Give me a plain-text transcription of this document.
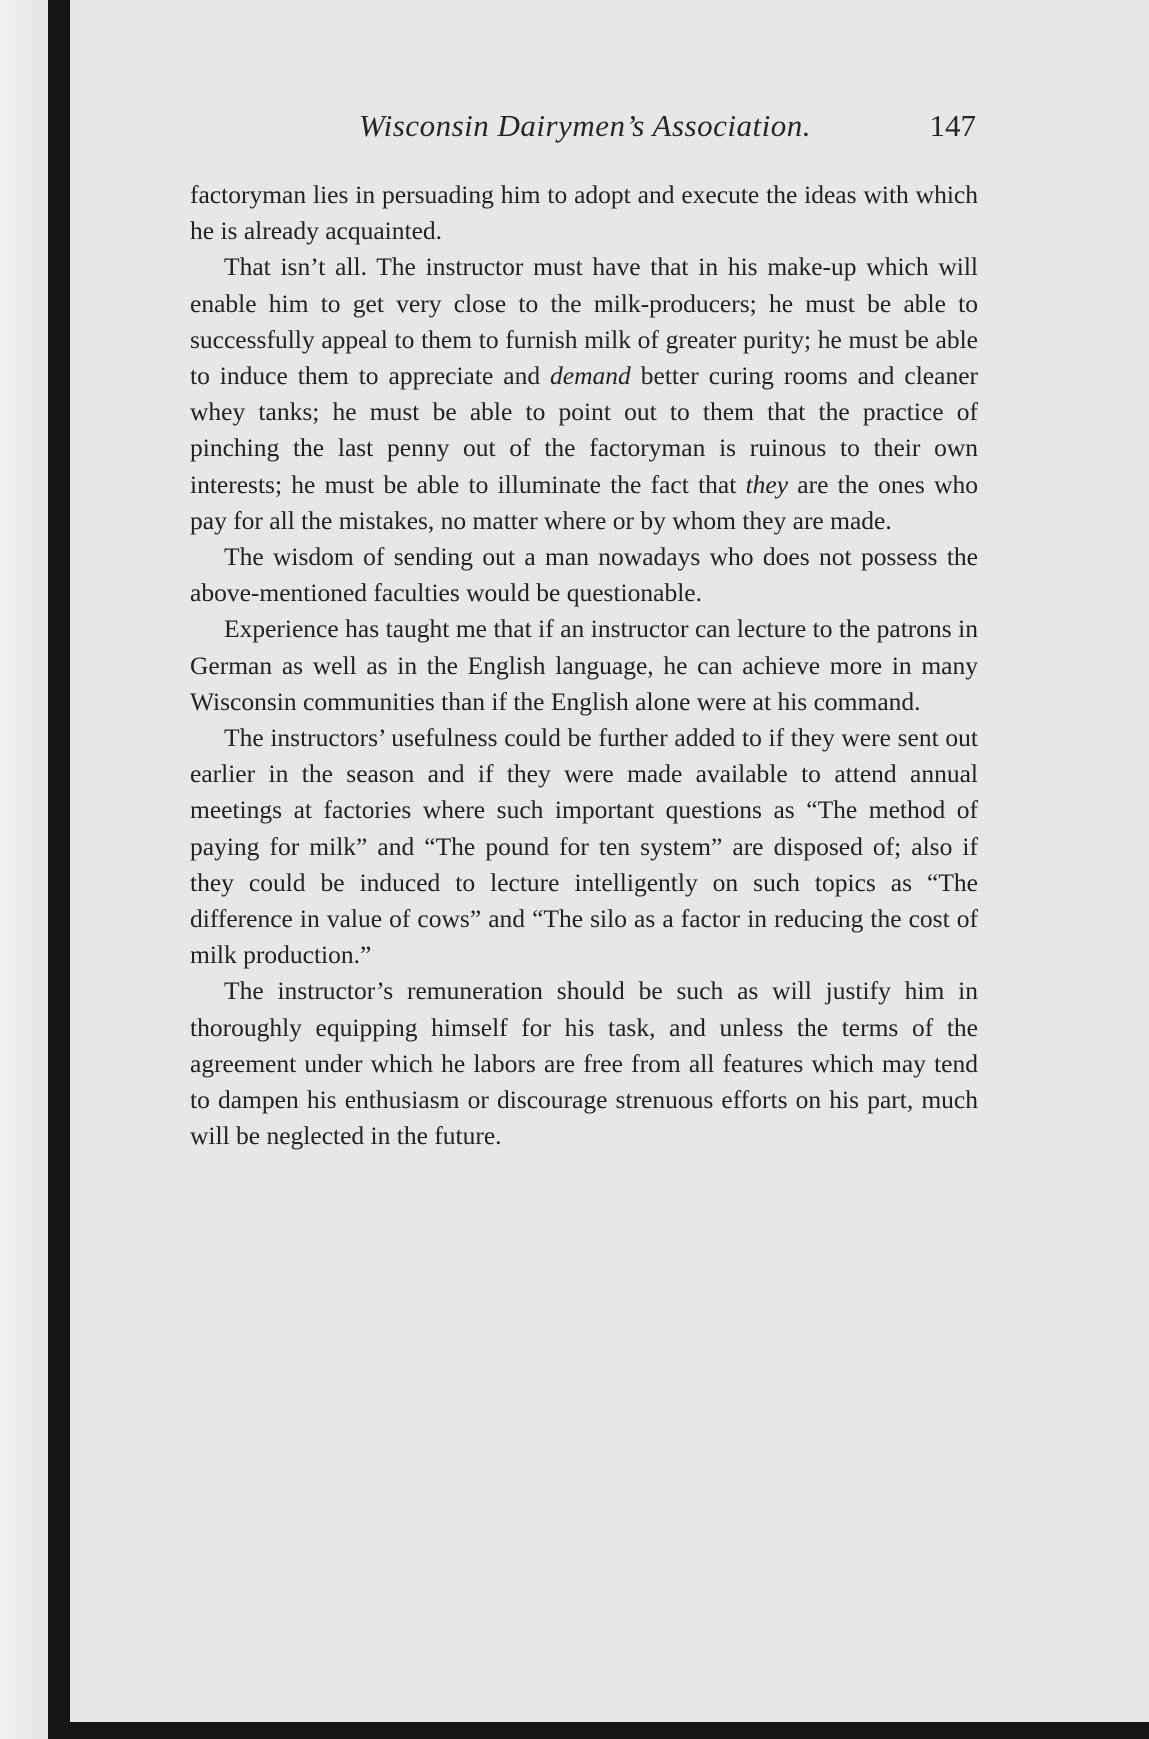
Wisconsin Dairymen’s Association.	147

factoryman lies in persuading him to adopt and execute the ideas with which he is already acquainted.

That isn’t all. The instructor must have that in his make-up which will enable him to get very close to the milk-producers; he must be able to successfully appeal to them to furnish milk of greater purity; he must be able to induce them to appreciate and demand better curing rooms and cleaner whey tanks; he must be able to point out to them that the practice of pinching the last penny out of the factoryman is ruinous to their own interests; he must be able to illuminate the fact that they are the ones who pay for all the mistakes, no matter where or by whom they are made.

The wisdom of sending out a man nowadays who does not possess the above-mentioned faculties would be questionable.

Experience has taught me that if an instructor can lecture to the patrons in German as well as in the English language, he can achieve more in many Wisconsin communities than if the English alone were at his command.

The instructors’ usefulness could be further added to if they were sent out earlier in the season and if they were made available to attend annual meetings at factories where such important questions as “The method of paying for milk” and “The pound for ten system” are disposed of; also if they could be induced to lecture intelligently on such topics as “The difference in value of cows” and “The silo as a factor in reducing the cost of milk production.”

The instructor’s remuneration should be such as will justify him in thoroughly equipping himself for his task, and unless the terms of the agreement under which he labors are free from all features which may tend to dampen his enthusiasm or discourage strenuous efforts on his part, much will be neglected in the future.
